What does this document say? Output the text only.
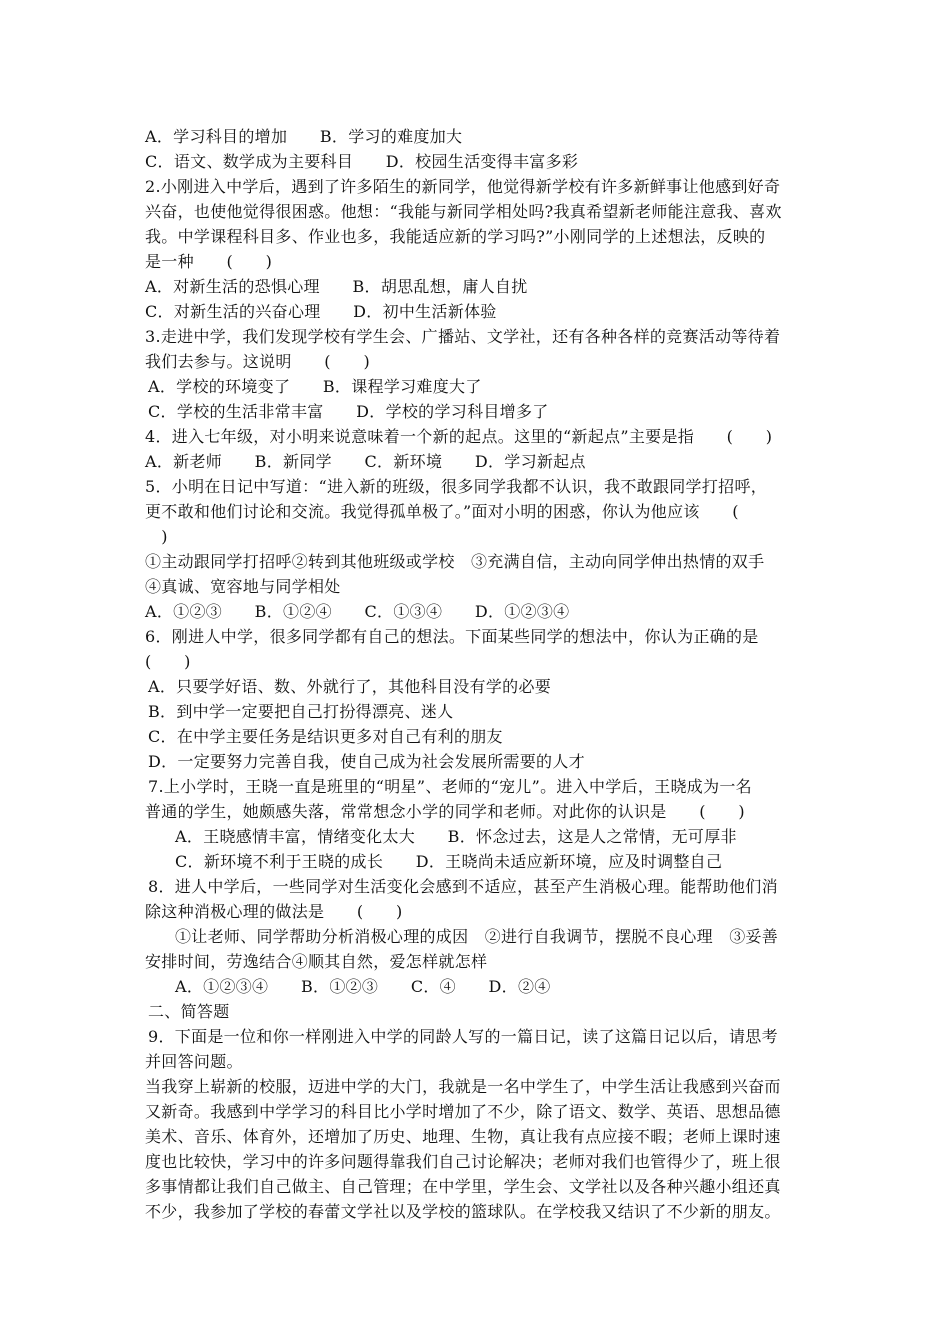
A．学习科目的增加　　B．学习的难度加大
C．语文、数学成为主要科目　　D．校园生活变得丰富多彩
2.小刚进入中学后，遇到了许多陌生的新同学，他觉得新学校有许多新鲜事让他感到好奇
兴奋，也使他觉得很困惑。他想：“我能与新同学相处吗?我真希望新老师能注意我、喜欢
我。中学课程科目多、作业也多，我能适应新的学习吗?”小刚同学的上述想法，反映的
是一种　　(　　)
A．对新生活的恐惧心理　　B．胡思乱想，庸人自扰
C．对新生活的兴奋心理　　D．初中生活新体验
3.走进中学，我们发现学校有学生会、广播站、文学社，还有各种各样的竞赛活动等待着
我们去参与。这说明　　(　　)
A．学校的环境变了　　B．课程学习难度大了
C．学校的生活非常丰富　　D．学校的学习科目增多了
4．进入七年级，对小明来说意味着一个新的起点。这里的“新起点”主要是指　　(　　)
A．新老师　　B．新同学　　C．新环境　　D．学习新起点
5．小明在日记中写道：“进入新的班级，很多同学我都不认识，我不敢跟同学打招呼，
更不敢和他们讨论和交流。我觉得孤单极了。”面对小明的困惑，你认为他应该　　(
　)
①主动跟同学打招呼②转到其他班级或学校　③充满自信，主动向同学伸出热情的双手
④真诚、宽容地与同学相处
A．①②③　　B．①②④　　C．①③④　　D．①②③④
6．刚进人中学，很多同学都有自己的想法。下面某些同学的想法中，你认为正确的是
(　　)
A．只要学好语、数、外就行了，其他科目没有学的必要
B．到中学一定要把自己打扮得漂亮、迷人
C．在中学主要任务是结识更多对自己有利的朋友
D．一定要努力完善自我，使自己成为社会发展所需要的人才
7.上小学时，王晓一直是班里的“明星”、老师的“宠儿”。进入中学后，王晓成为一名
普通的学生，她颇感失落，常常想念小学的同学和老师。对此你的认识是　　(　　)
A．王晓感情丰富，情绪变化太大　　B．怀念过去，这是人之常情，无可厚非
C．新环境不利于王晓的成长　　D．王晓尚未适应新环境，应及时调整自己
8．进人中学后，一些同学对生活变化会感到不适应，甚至产生消极心理。能帮助他们消
除这种消极心理的做法是　　(　　)
①让老师、同学帮助分析消极心理的成因　②进行自我调节，摆脱不良心理　③妥善
安排时间，劳逸结合④顺其自然，爱怎样就怎样
A．①②③④　　B．①②③　　C．④　　D．②④
二、简答题
9．下面是一位和你一样刚进入中学的同龄人写的一篇日记，读了这篇日记以后，请思考
并回答问题。
当我穿上崭新的校服，迈进中学的大门，我就是一名中学生了，中学生活让我感到兴奋而
又新奇。我感到中学学习的科目比小学时增加了不少，除了语文、数学、英语、思想品德
美术、音乐、体育外，还增加了历史、地理、生物，真让我有点应接不暇；老师上课时速
度也比较快，学习中的许多问题得靠我们自己讨论解决；老师对我们也管得少了，班上很
多事情都让我们自己做主、自己管理；在中学里，学生会、文学社以及各种兴趣小组还真
不少，我参加了学校的春蕾文学社以及学校的篮球队。在学校我又结识了不少新的朋友。
